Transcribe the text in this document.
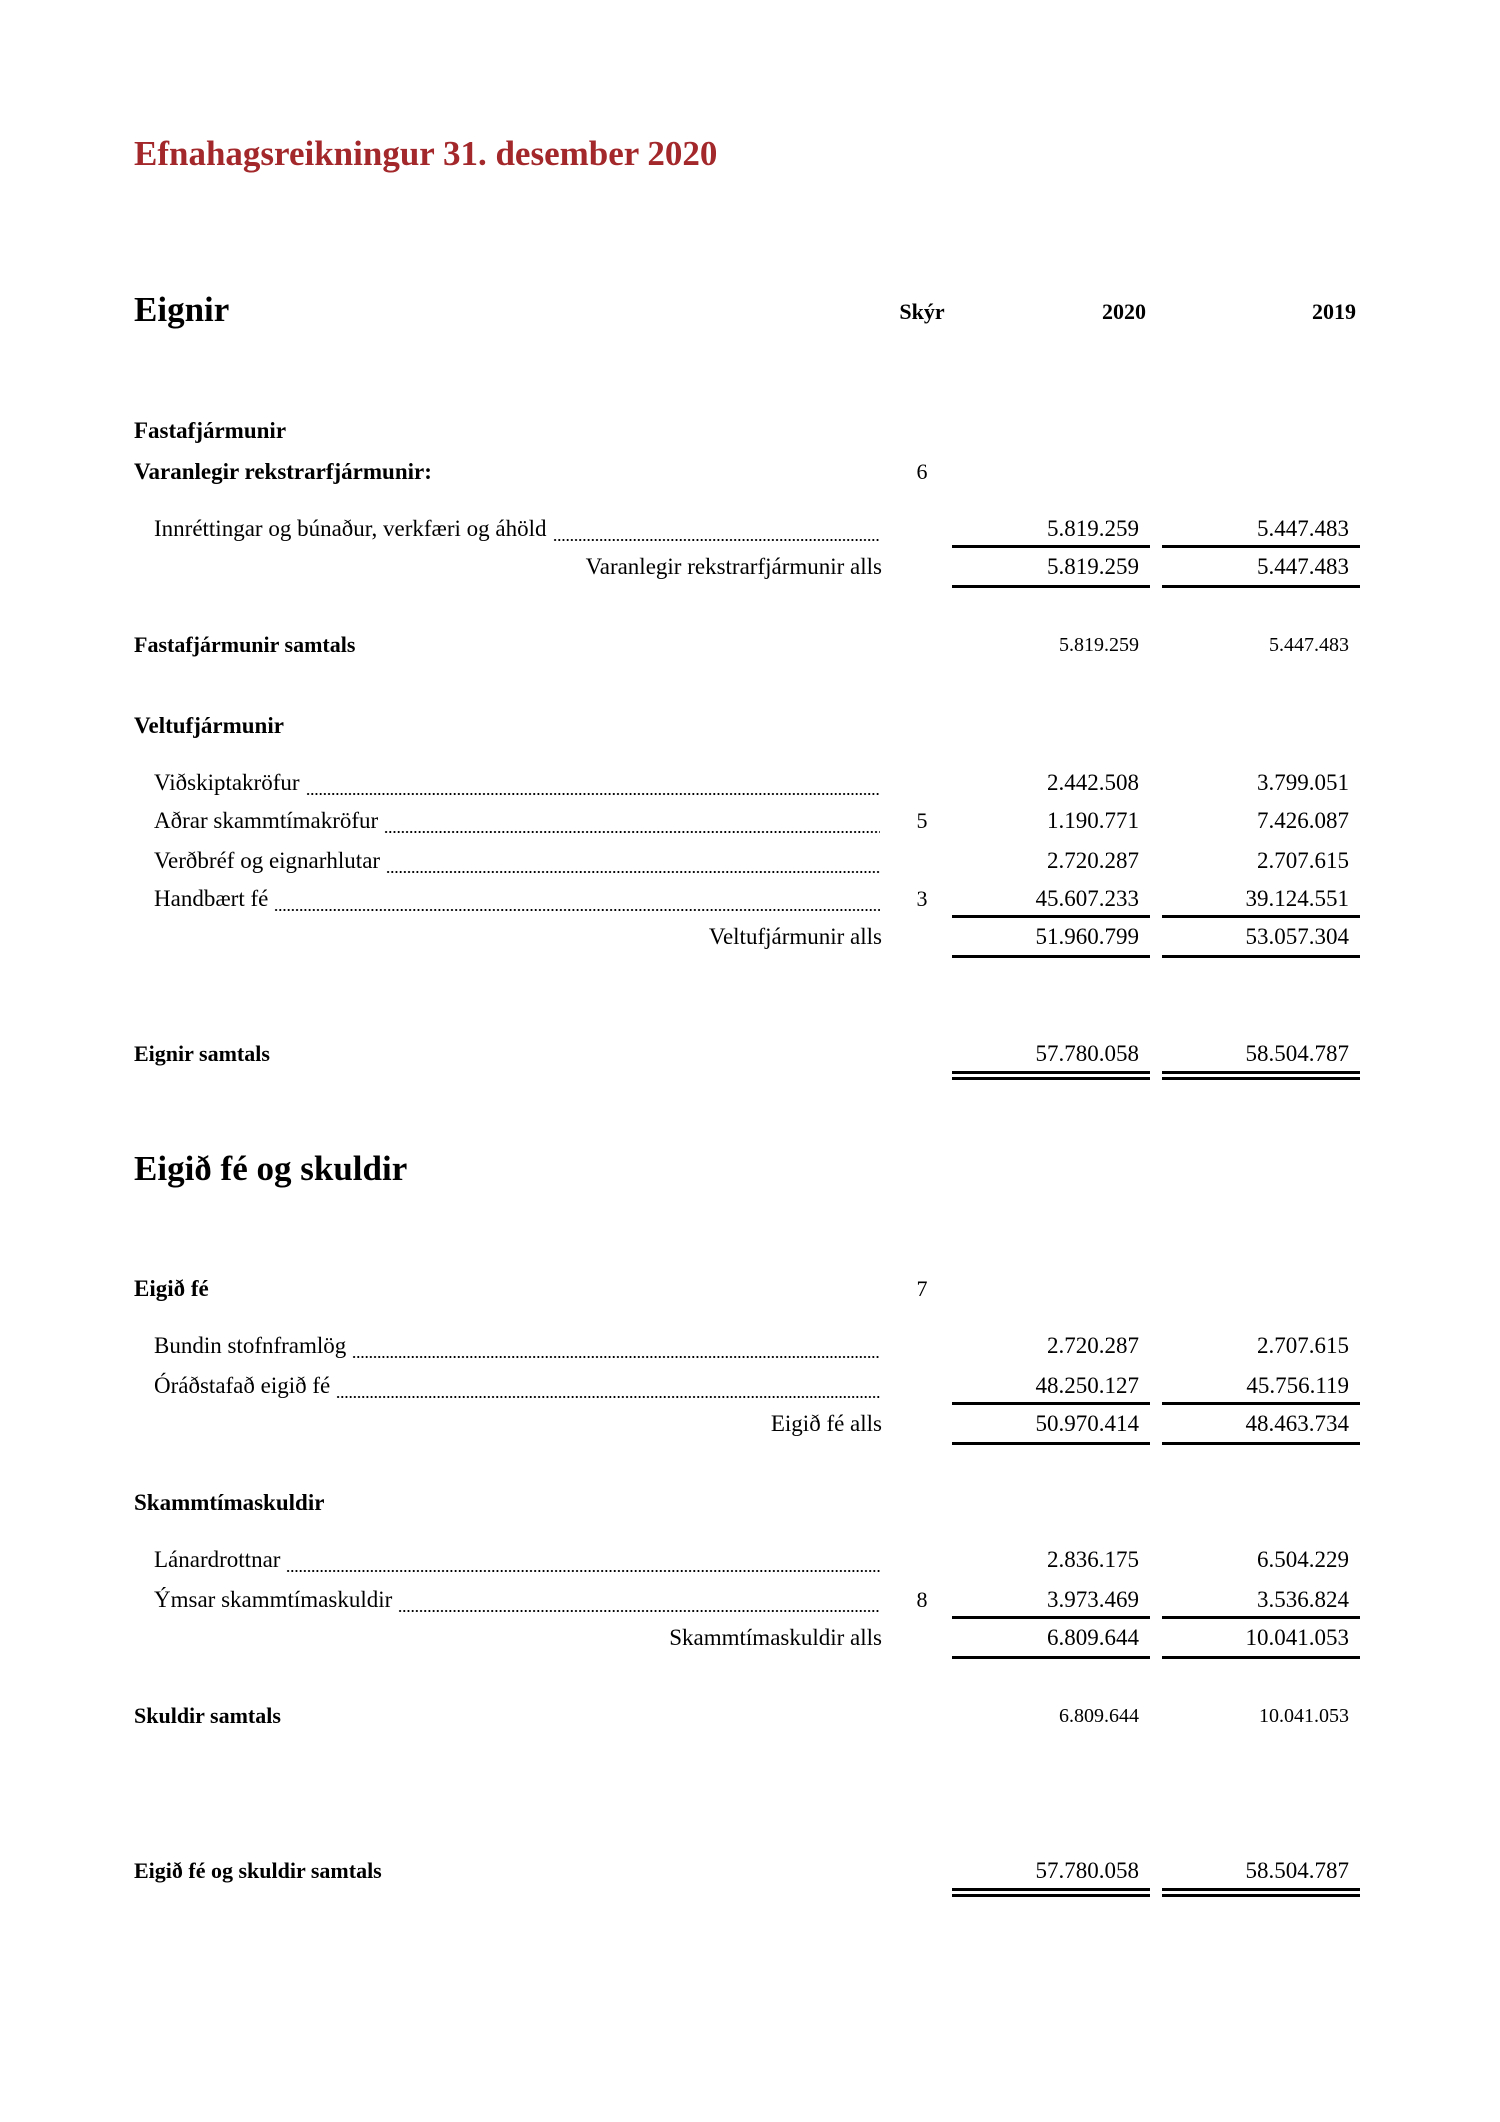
Efnahagsreikningur 31. desember 2020
Eignir	Skýr	2020	2019
Eigið fé og skuldir
Fastafjármunir
Varanlegir rekstrarfjármunir:	6
Innréttingar og búnaður, verkfæri og áhöld	5.819.259	5.447.483
Varanlegir rekstrarfjármunir alls	5.819.259	5.447.483
Fastafjármunir samtals	5.819.259	5.447.483
Veltufjármunir
Viðskiptakröfur	2.442.508	3.799.051
Aðrar skammtímakröfur	5	1.190.771	7.426.087
Verðbréf og eignarhlutar	2.720.287	2.707.615
Handbært fé	3	45.607.233	39.124.551
Veltufjármunir alls	51.960.799	53.057.304
Eignir samtals	57.780.058	58.504.787
Eigið fé	7
Bundin stofnframlög	2.720.287	2.707.615
Óráðstafað eigið fé	48.250.127	45.756.119
Eigið fé alls	50.970.414	48.463.734
Skammtímaskuldir
Lánardrottnar	2.836.175	6.504.229
Ýmsar skammtímaskuldir	8	3.973.469	3.536.824
Skammtímaskuldir alls	6.809.644	10.041.053
Skuldir samtals	6.809.644	10.041.053
Eigið fé og skuldir samtals	57.780.058	58.504.787
